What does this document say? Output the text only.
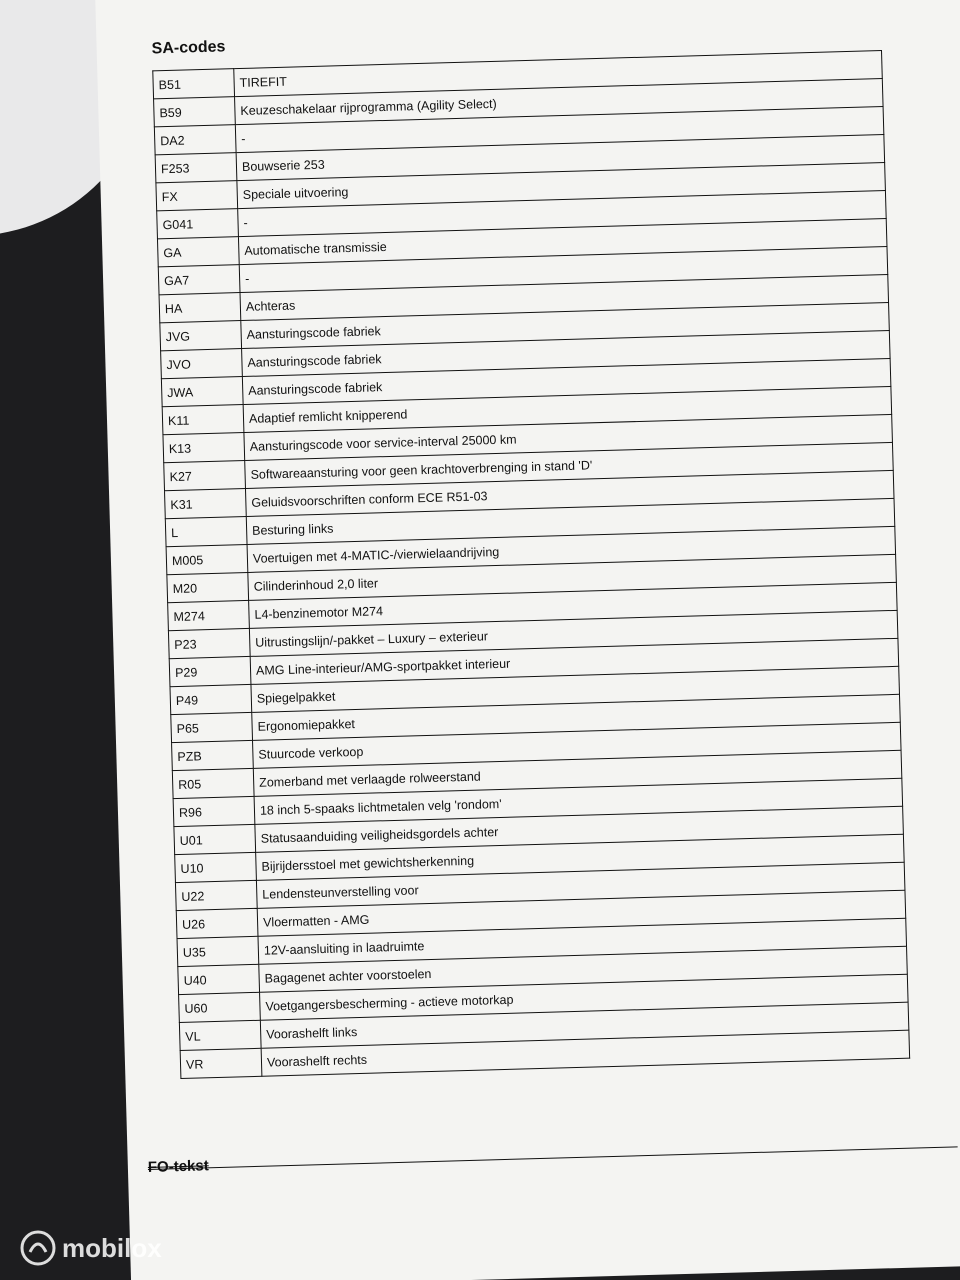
SA-codes
B51	TIREFIT
B59	Keuzeschakelaar rijprogramma (Agility Select)
DA2	-
F253	Bouwserie 253
FX	Speciale uitvoering
G041	-
GA	Automatische transmissie
GA7	-
HA	Achteras
JVG	Aansturingscode fabriek
JVO	Aansturingscode fabriek
JWA	Aansturingscode fabriek
K11	Adaptief remlicht knipperend
K13	Aansturingscode voor service-interval 25000 km
K27	Softwareaansturing voor geen krachtoverbrenging in stand 'D'
K31	Geluidsvoorschriften conform ECE R51-03
L	Besturing links
M005	Voertuigen met 4-MATIC-/vierwielaandrijving
M20	Cilinderinhoud 2,0 liter
M274	L4-benzinemotor M274
P23	Uitrustingslijn/-pakket – Luxury – exterieur
P29	AMG Line-interieur/AMG-sportpakket interieur
P49	Spiegelpakket
P65	Ergonomiepakket
PZB	Stuurcode verkoop
R05	Zomerband met verlaagde rolweerstand
R96	18 inch 5-spaaks lichtmetalen velg 'rondom'
U01	Statusaanduiding veiligheidsgordels achter
U10	Bijrijdersstoel met gewichtsherkenning
U22	Lendensteunverstelling voor
U26	Vloermatten - AMG
U35	12V-aansluiting in laadruimte
U40	Bagagenet achter voorstoelen
U60	Voetgangersbescherming - actieve motorkap
VL	Voorashelft links
VR	Voorashelft rechts
FO-tekst
mobilox
